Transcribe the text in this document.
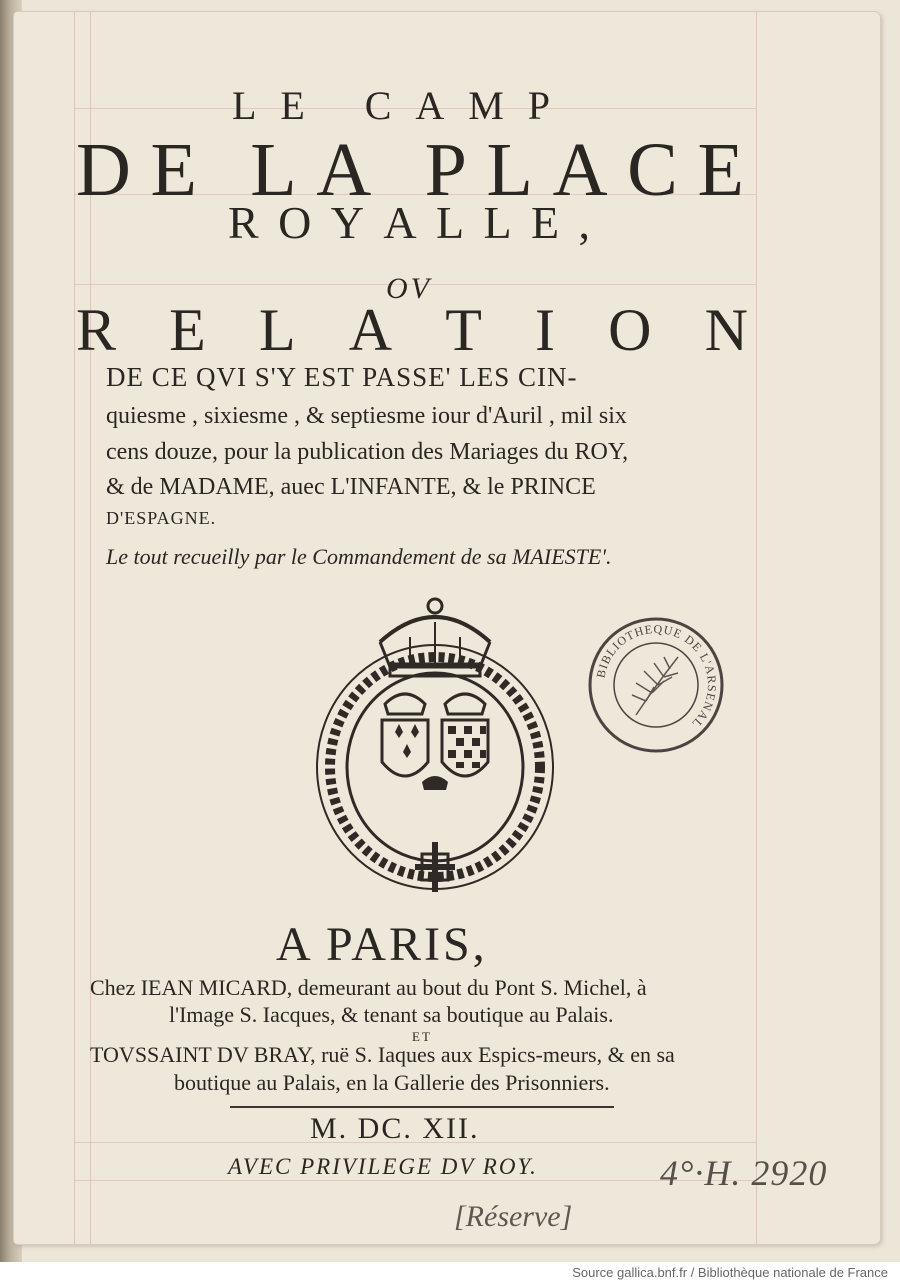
L E C A M P
D E L A P L A C E
R O Y A L L E ,
OV
R E L A T I O N
DE CE QVI S'Y EST PASSE' LES CIN-
quiesme , sixiesme , & septiesme iour d'Auril , mil six
cens douze, pour la publication des Mariages du ROY,
& de MADAME, auec L'INFANTE, & le PRINCE
D'ESPAGNE.
Le tout recueilly par le Commandement de sa MAIESTE'.
BIBLIOTHEQUE DE L'ARSENAL
A PARIS,
Chez IEAN MICARD, demeurant au bout du Pont S. Michel, à
l'Image S. Iacques, & tenant sa boutique au Palais.
ET
TOVSSAINT DV BRAY, ruë S. Iaques aux Espics-meurs, & en sa
boutique au Palais, en la Gallerie des Prisonniers.
M. DC. XII.
AVEC PRIVILEGE DV ROY.	4°·H. 2920
[Réserve]
Source gallica.bnf.fr / Bibliothèque nationale de France
